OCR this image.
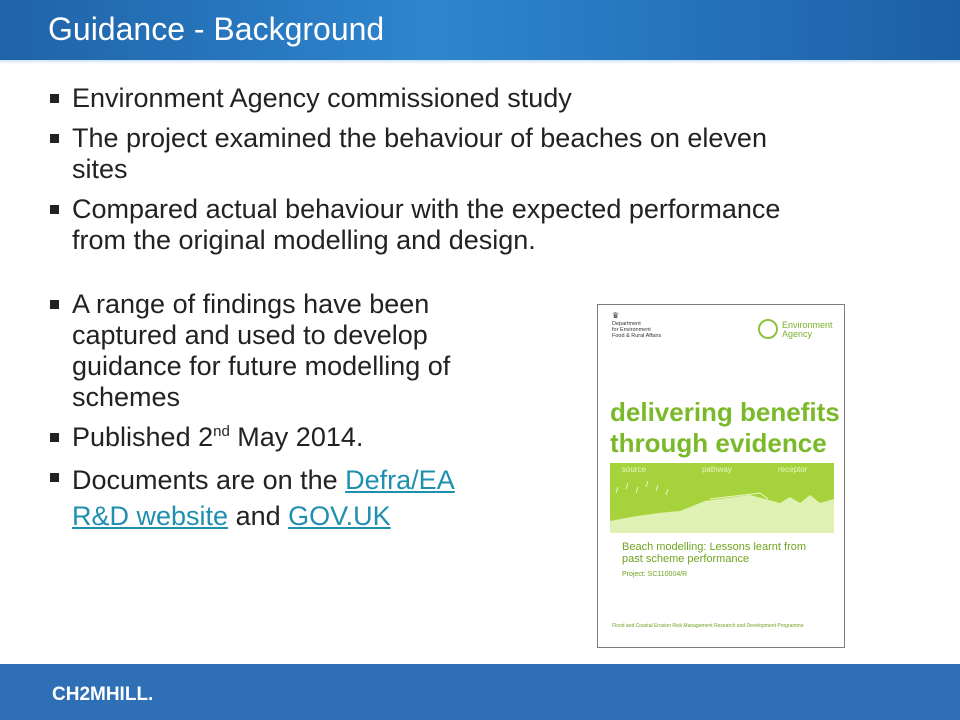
Guidance - Background
Environment Agency commissioned study
The project examined the behaviour of beaches on eleven sites
Compared actual behaviour with the expected performance from the original modelling and design.
A range of findings have been captured and used to develop guidance for future modelling of schemes
Published 2nd May 2014.
Documents are on the Defra/EA R&D website and GOV.UK
♛
Department
for Environment
Food & Rural Affairs
Environment
Agency
delivering benefits
through evidence
source	pathway	receptor
Beach modelling: Lessons learnt from
past scheme performance
Project: SC110004/R
Flood and Coastal Erosion Risk Management Research and Development Programme
CH2MHILL.
